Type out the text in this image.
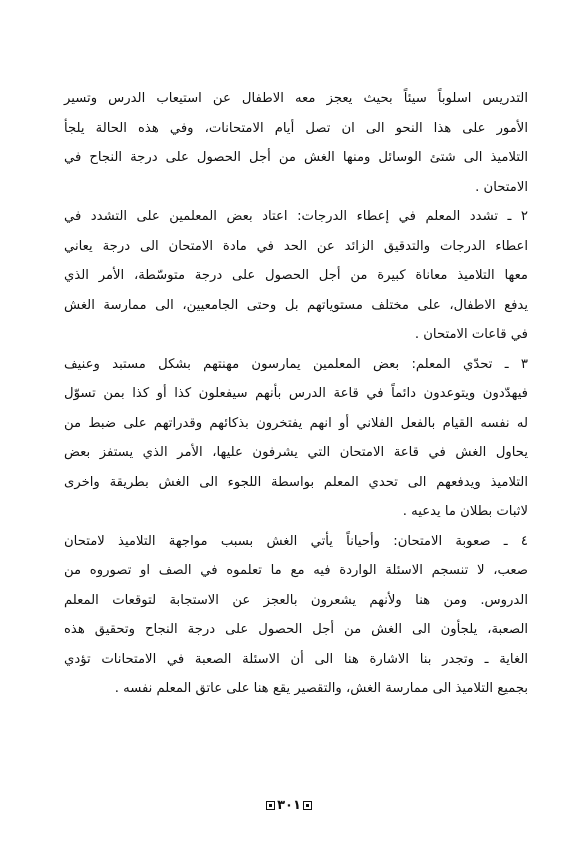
التدريس اسلوباً سيئاً بحيث يعجز معه الاطفال عن استيعاب الدرس وتسير
الأمور على هذا النحو الى ان تصل أيام الامتحانات، وفي هذه الحالة يلجأ
التلاميذ الى شتئ الوسائل ومنها الغش من أجل الحصول على درجة النجاح في
الامتحان .
٢ ـ تشدد المعلم في إعطاء الدرجات: اعتاد بعض المعلمين على التشدد في
اعطاء الدرجات والتدقيق الزائد عن الحد في مادة الامتحان الى درجة يعاني
معها التلاميذ معاناة كبيرة من أجل الحصول على درجة متوسّطة، الأمر الذي
يدفع الاطفال، على مختلف مستوياتهم بل وحتى الجامعيين، الى ممارسة الغش
في قاعات الامتحان .
٣ ـ تحدّي المعلم: بعض المعلمين يمارسون مهنتهم بشكل مستبد وعنيف
فيهدّدون ويتوعدون دائماً في قاعة الدرس بأنهم سيفعلون كذا أو كذا بمن تسوّل
له نفسه القيام بالفعل الفلاني أو انهم يفتخرون بذكائهم وقدراتهم على ضبط من
يحاول الغش في قاعة الامتحان التي يشرفون عليها، الأمر الذي يستفز بعض
التلاميذ ويدفعهم الى تحدي المعلم بواسطة اللجوء الى الغش بطريقة واخرى
لاثبات بطلان ما يدعيه .
٤ ـ صعوبة الامتحان: وأحياناً يأتي الغش بسبب مواجهة التلاميذ لامتحان
صعب، لا تنسجم الاسئلة الواردة فيه مع ما تعلموه في الصف او تصوروه من
الدروس. ومن هنا ولأنهم يشعرون بالعجز عن الاستجابة لتوقعات المعلم
الصعبة، يلجأون الى الغش من أجل الحصول على درجة النجاح وتحقيق هذه
الغاية ـ وتجدر بنا الاشارة هنا الى أن الاسئلة الصعبة في الامتحانات تؤدي
بجميع التلاميذ الى ممارسة الغش، والتقصير يقع هنا على عاتق المعلم نفسه .
٣٠١
